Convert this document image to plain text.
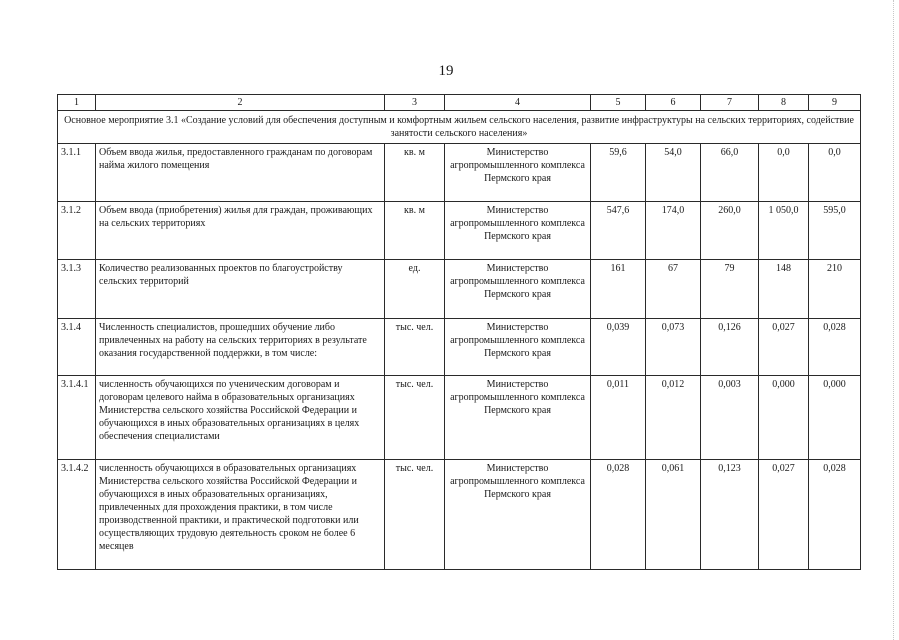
19
1	2	3	4	5	6	7	8	9
Основное мероприятие 3.1 «Создание условий для обеспечения доступным и комфортным жильем сельского населения, развитие инфраструктуры на сельских территориях, содействие занятости сельского населения»								
3.1.1	Объем ввода жилья, предоставленного гражданам по договорам найма жилого помещения	кв. м	Министерство агропромышленного комплекса Пермского края	59,6	54,0	66,0	0,0	0,0
3.1.2	Объем ввода (приобретения) жилья для граждан, проживающих на сельских территориях	кв. м	Министерство агропромышленного комплекса Пермского края	547,6	174,0	260,0	1 050,0	595,0
3.1.3	Количество реализованных проектов по благоустройству сельских территорий	ед.	Министерство агропромышленного комплекса Пермского края	161	67	79	148	210
3.1.4	Численность специалистов, прошедших обучение либо привлеченных на работу на сельских территориях в результате оказания государственной поддержки, в том числе:	тыс. чел.	Министерство агропромышленного комплекса Пермского края	0,039	0,073	0,126	0,027	0,028
3.1.4.1	численность обучающихся по ученическим договорам и договорам целевого найма в образовательных организациях Министерства сельского хозяйства Российской Федерации и обучающихся в иных образовательных организациях в целях обеспечения специалистами	тыс. чел.	Министерство агропромышленного комплекса Пермского края	0,011	0,012	0,003	0,000	0,000
3.1.4.2	численность обучающихся в образовательных организациях Министерства сельского хозяйства Российской Федерации и обучающихся в иных образовательных организациях, привлеченных для прохождения практики, в том числе производственной практики, и практической подготовки или осуществляющих трудовую деятельность сроком не более 6 месяцев	тыс. чел.	Министерство агропромышленного комплекса Пермского края	0,028	0,061	0,123	0,027	0,028
